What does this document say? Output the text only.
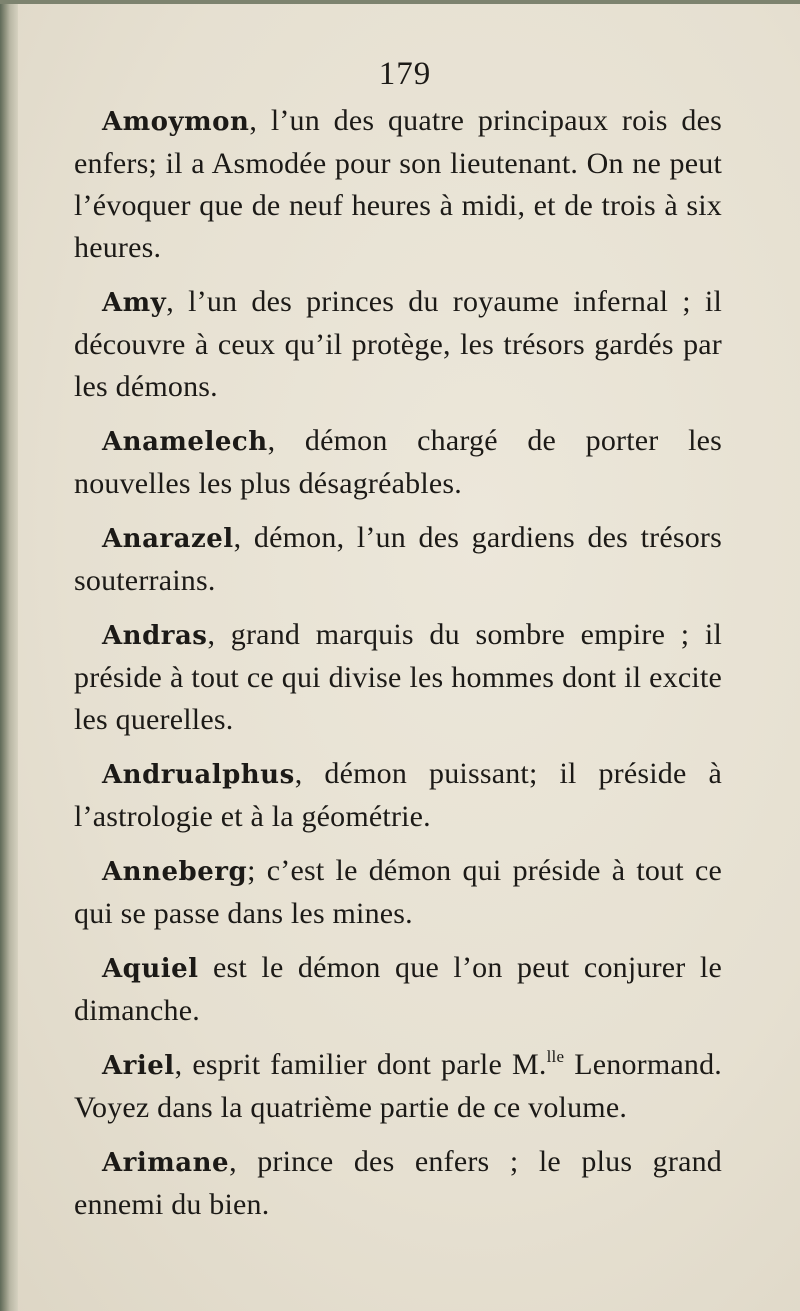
179

Amoymon, l’un des quatre principaux rois des enfers; il a Asmodée pour son lieutenant. On ne peut l’évoquer que de neuf heures à midi, et de trois à six heures.

Amy, l’un des princes du royaume infernal ; il découvre à ceux qu’il protège, les trésors gardés par les démons.

Anamelech, démon chargé de porter les nouvelles les plus désagréables.

Anarazel, démon, l’un des gardiens des trésors souterrains.

Andras, grand marquis du sombre empire ; il préside à tout ce qui divise les hommes dont il excite les querelles.

Andrualphus, démon puissant; il préside à l’astrologie et à la géométrie.

Anneberg; c’est le démon qui préside à tout ce qui se passe dans les mines.

Aquiel est le démon que l’on peut conjurer le dimanche.

Ariel, esprit familier dont parle M.$^{lle}$ Lenormand. Voyez dans la quatrième partie de ce volume.

Arimane, prince des enfers ; le plus grand ennemi du bien.
